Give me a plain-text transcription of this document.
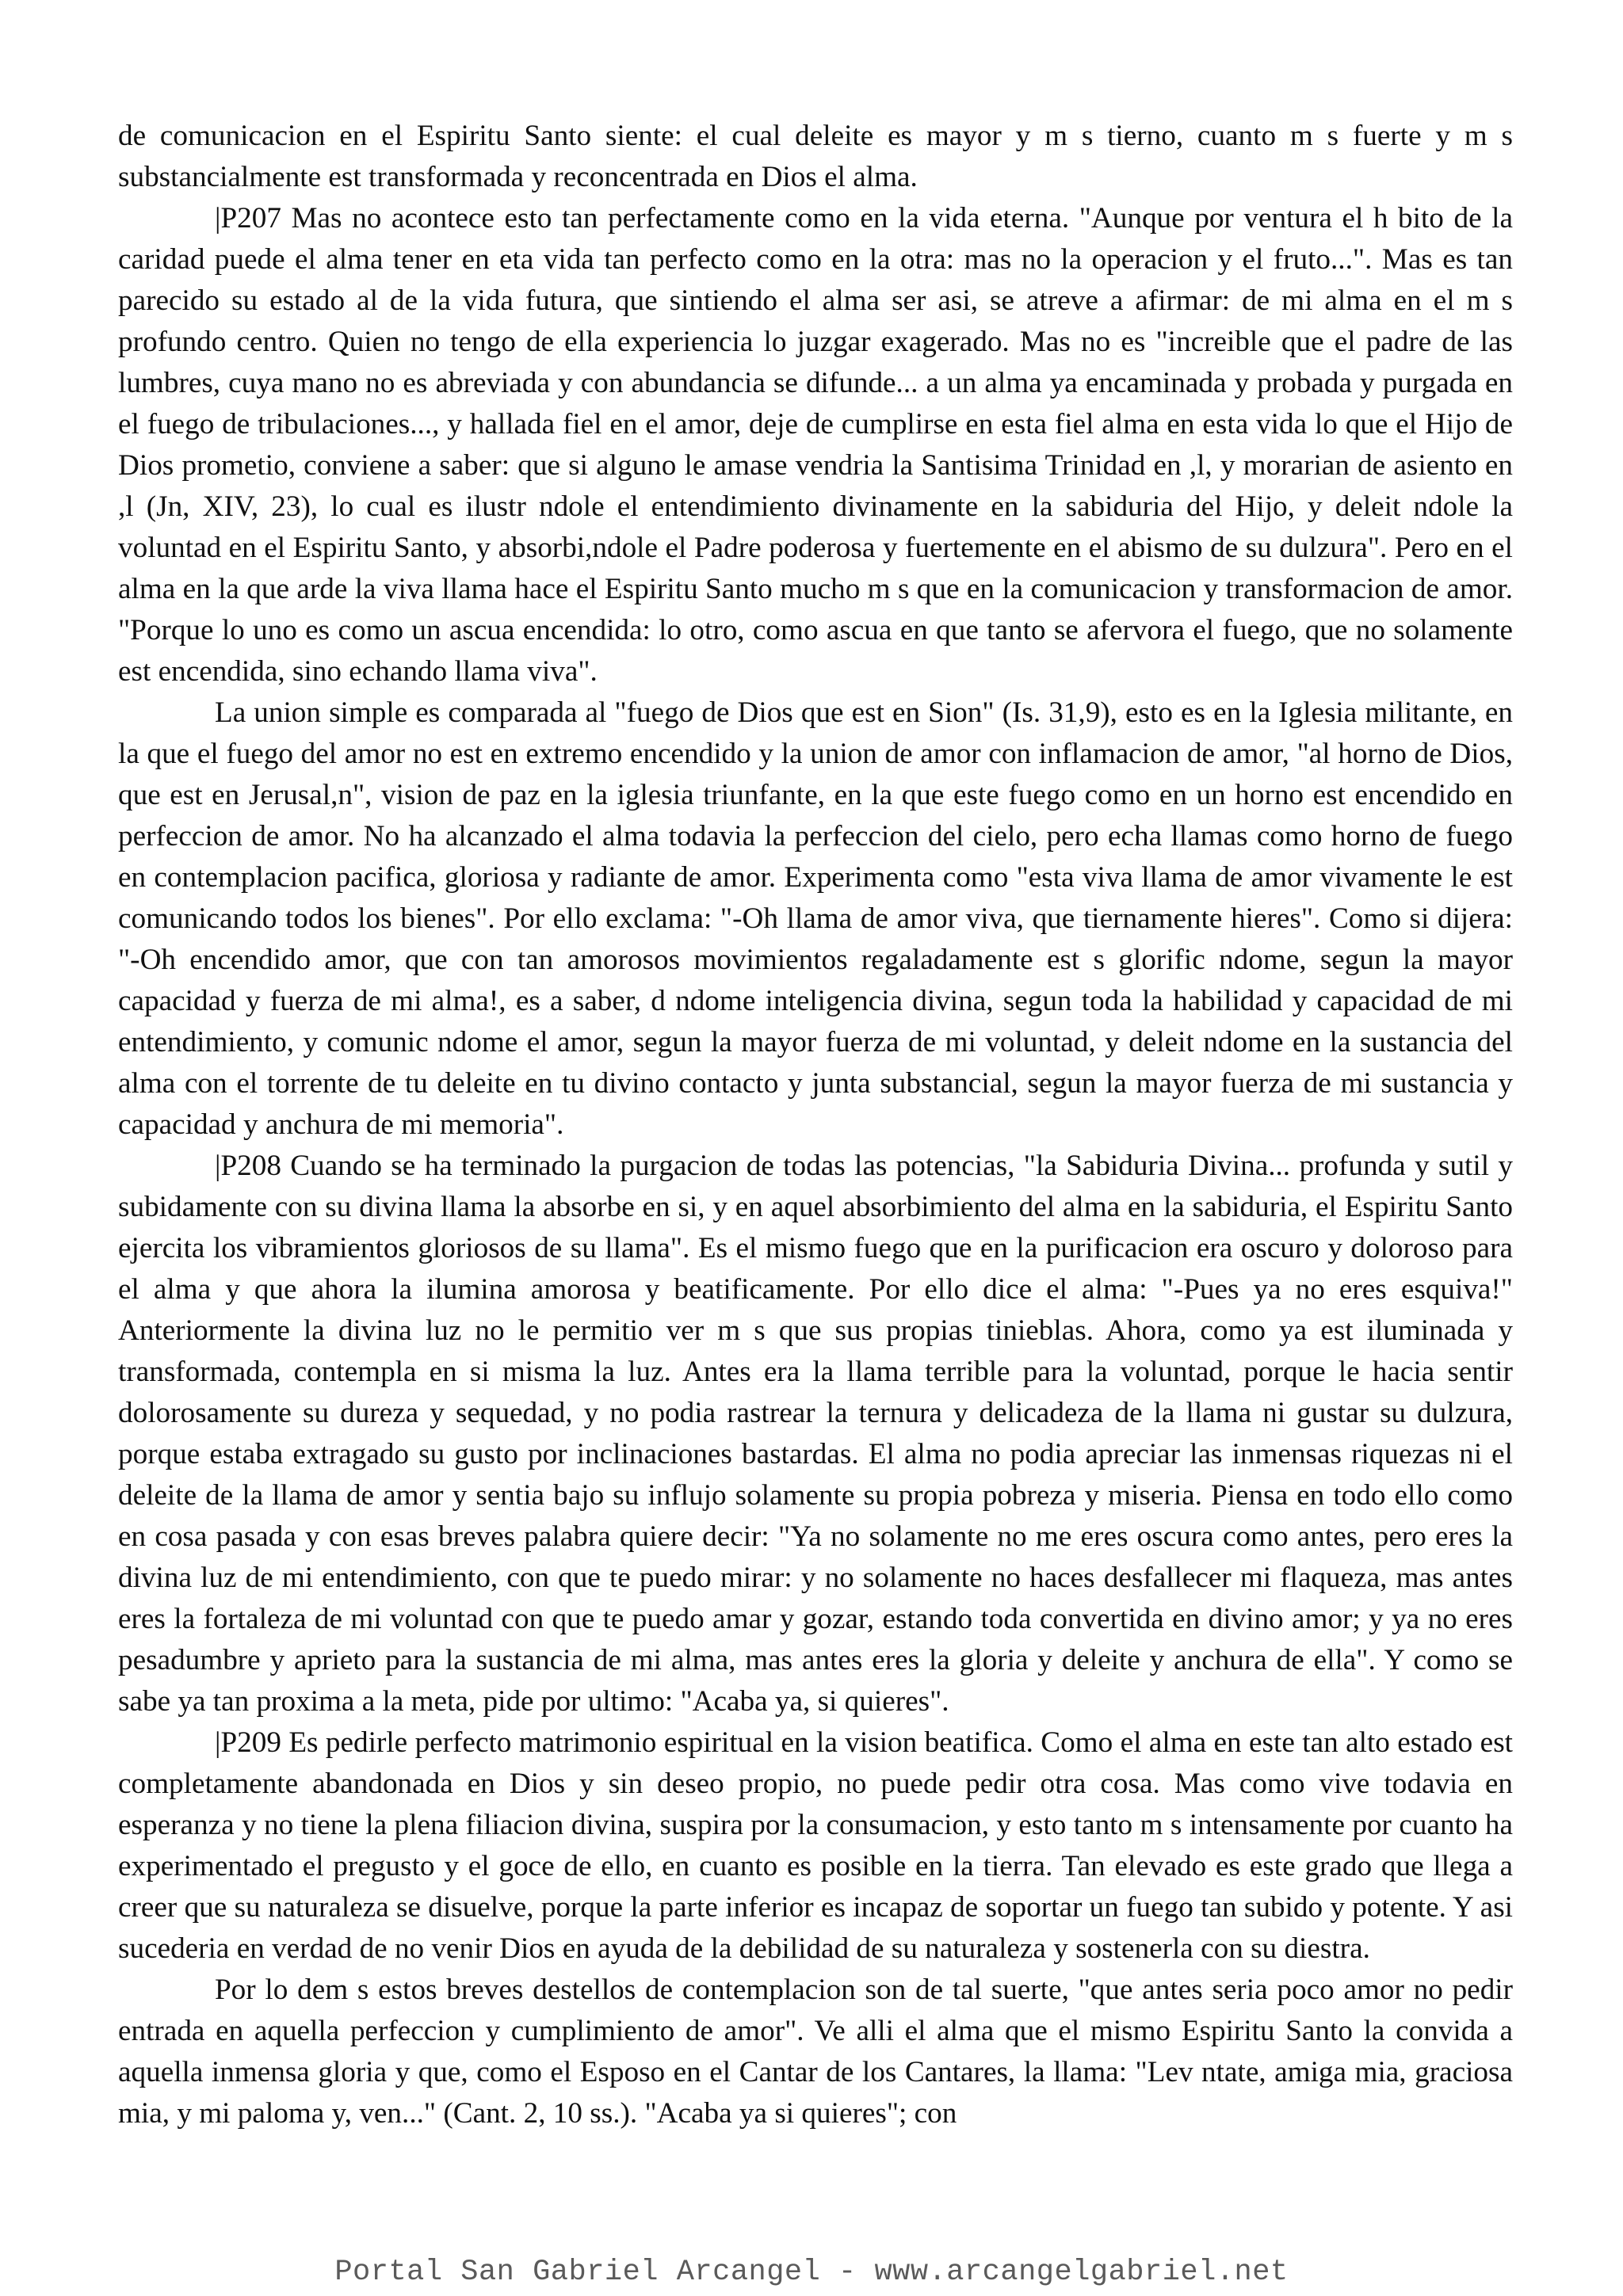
de comunicacion en el Espiritu Santo siente: el cual deleite es mayor y m s tierno, cuanto m s fuerte y m s substancialmente est transformada y reconcentrada en Dios el alma.

|P207 Mas no acontece esto tan perfectamente como en la vida eterna. "Aunque por ventura el h bito de la caridad puede el alma tener en eta vida tan perfecto como en la otra: mas no la operacion y el fruto...". Mas es tan parecido su estado al de la vida futura, que sintiendo el alma ser asi, se atreve a afirmar: de mi alma en el m s profundo centro. Quien no tengo de ella experiencia lo juzgar exagerado. Mas no es "increible que el padre de las lumbres, cuya mano no es abreviada y con abundancia se difunde... a un alma ya encaminada y probada y purgada en el fuego de tribulaciones..., y hallada fiel en el amor, deje de cumplirse en esta fiel alma en esta vida lo que el Hijo de Dios prometio, conviene a saber: que si alguno le amase vendria la Santisima Trinidad en ,l, y morarian de asiento en ,l (Jn, XIV, 23), lo cual es ilustr ndole el entendimiento divinamente en la sabiduria del Hijo, y deleit ndole la voluntad en el Espiritu Santo, y absorbi,ndole el Padre poderosa y fuertemente en el abismo de su dulzura". Pero en el alma en la que arde la viva llama hace el Espiritu Santo mucho m s que en la comunicacion y transformacion de amor. "Porque lo uno es como un ascua encendida: lo otro, como ascua en que tanto se afervora el fuego, que no solamente est encendida, sino echando llama viva".

La union simple es comparada al "fuego de Dios que est en Sion" (Is. 31,9), esto es en la Iglesia militante, en la que el fuego del amor no est en extremo encendido y la union de amor con inflamacion de amor, "al horno de Dios, que est en Jerusal,n", vision de paz en la iglesia triunfante, en la que este fuego como en un horno est encendido en perfeccion de amor. No ha alcanzado el alma todavia la perfeccion del cielo, pero echa llamas como horno de fuego en contemplacion pacifica, gloriosa y radiante de amor. Experimenta como "esta viva llama de amor vivamente le est comunicando todos los bienes". Por ello exclama: "-Oh llama de amor viva, que tiernamente hieres". Como si dijera: "-Oh encendido amor, que con tan amorosos movimientos regaladamente est s glorific ndome, segun la mayor capacidad y fuerza de mi alma!, es a saber, d ndome inteligencia divina, segun toda la habilidad y capacidad de mi entendimiento, y comunic ndome el amor, segun la mayor fuerza de mi voluntad, y deleit ndome en la sustancia del alma con el torrente de tu deleite en tu divino contacto y junta substancial, segun la mayor fuerza de mi sustancia y capacidad y anchura de mi memoria".

|P208 Cuando se ha terminado la purgacion de todas las potencias, "la Sabiduria Divina... profunda y sutil y subidamente con su divina llama la absorbe en si, y en aquel absorbimiento del alma en la sabiduria, el Espiritu Santo ejercita los vibramientos gloriosos de su llama". Es el mismo fuego que en la purificacion era oscuro y doloroso para el alma y que ahora la ilumina amorosa y beatificamente. Por ello dice el alma: "-Pues ya no eres esquiva!" Anteriormente la divina luz no le permitio ver m s que sus propias tinieblas. Ahora, como ya est iluminada y transformada, contempla en si misma la luz. Antes era la llama terrible para la voluntad, porque le hacia sentir dolorosamente su dureza y sequedad, y no podia rastrear la ternura y delicadeza de la llama ni gustar su dulzura, porque estaba extragado su gusto por inclinaciones bastardas. El alma no podia apreciar las inmensas riquezas ni el deleite de la llama de amor y sentia bajo su influjo solamente su propia pobreza y miseria. Piensa en todo ello como en cosa pasada y con esas breves palabra quiere decir: "Ya no solamente no me eres oscura como antes, pero eres la divina luz de mi entendimiento, con que te puedo mirar: y no solamente no haces desfallecer mi flaqueza, mas antes eres la fortaleza de mi voluntad con que te puedo amar y gozar, estando toda convertida en divino amor; y ya no eres pesadumbre y aprieto para la sustancia de mi alma, mas antes eres la gloria y deleite y anchura de ella". Y como se sabe ya tan proxima a la meta, pide por ultimo: "Acaba ya, si quieres".

|P209 Es pedirle perfecto matrimonio espiritual en la vision beatifica. Como el alma en este tan alto estado est completamente abandonada en Dios y sin deseo propio, no puede pedir otra cosa. Mas como vive todavia en esperanza y no tiene la plena filiacion divina, suspira por la consumacion, y esto tanto m s intensamente por cuanto ha experimentado el pregusto y el goce de ello, en cuanto es posible en la tierra. Tan elevado es este grado que llega a creer que su naturaleza se disuelve, porque la parte inferior es incapaz de soportar un fuego tan subido y potente. Y asi sucederia en verdad de no venir Dios en ayuda de la debilidad de su naturaleza y sostenerla con su diestra.

Por lo dem s estos breves destellos de contemplacion son de tal suerte, "que antes seria poco amor no pedir entrada en aquella perfeccion y cumplimiento de amor". Ve alli el alma que el mismo Espiritu Santo la convida a aquella inmensa gloria y que, como el Esposo en el Cantar de los Cantares, la llama: "Lev ntate, amiga mia, graciosa mia, y mi paloma y, ven..." (Cant. 2, 10 ss.). "Acaba ya si quieres"; con

Portal San Gabriel Arcangel - www.arcangelgabriel.net
